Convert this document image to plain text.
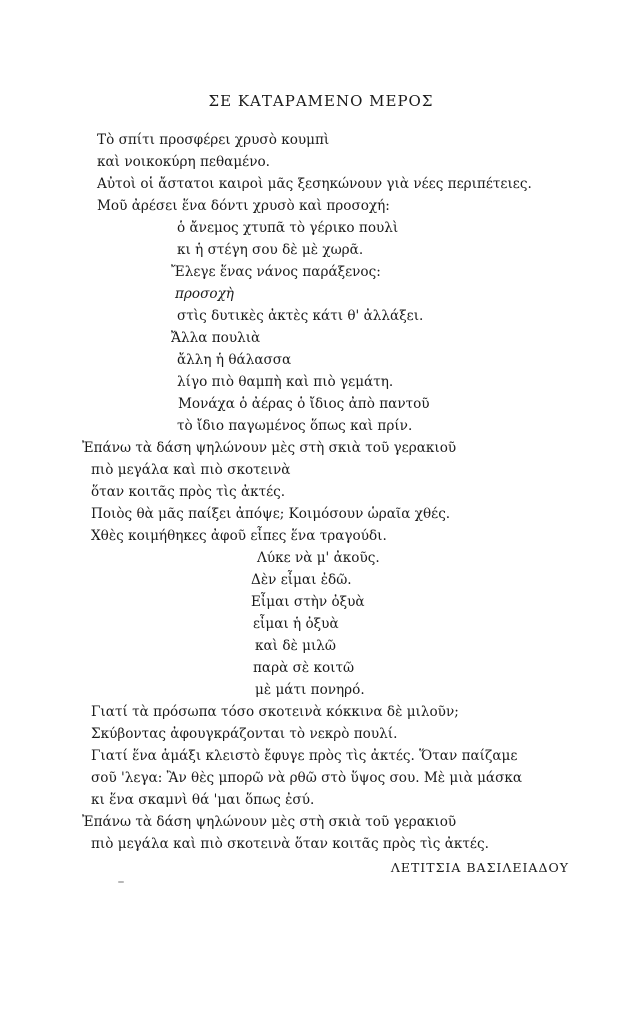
ΣΕ ΚΑΤΑΡΑΜΕΝΟ ΜΕΡΟΣ
Τὸ σπίτι προσφέρει χρυσὸ κουμπὶ
καὶ νοικοκύρη πεθαμένο.
Αὐτοὶ οἱ ἄστατοι καιροὶ μᾶς ξεσηκώνουν γιὰ νέες περιπέτειες.
Μοῦ ἀρέσει ἕνα δόντι χρυσὸ καὶ προσοχή:
ὁ ἄνεμος χτυπᾶ τὸ γέρικο πουλὶ
κι ἡ στέγη σου δὲ μὲ χωρᾶ.
Ἔλεγε ἕνας νάνος παράξενος:
προσοχὴ
στὶς δυτικὲς ἀκτὲς κάτι θ' ἀλλάξει.
Ἄλλα πουλιὰ
ἄλλη ἡ θάλασσα
λίγο πιὸ θαμπὴ καὶ πιὸ γεμάτη.
Μονάχα ὁ ἀέρας ὁ ἴδιος ἀπὸ παντοῦ
τὸ ἴδιο παγωμένος ὅπως καὶ πρίν.
Ἐπάνω τὰ δάση ψηλώνουν μὲς στὴ σκιὰ τοῦ γερακιοῦ
πιὸ μεγάλα καὶ πιὸ σκοτεινὰ
ὅταν κοιτᾶς πρὸς τὶς ἀκτές.
Ποιὸς θὰ μᾶς παίξει ἀπόψε; Κοιμόσουν ὡραῖα χθές.
Χθὲς κοιμήθηκες ἀφοῦ εἶπες ἕνα τραγούδι.
Λύκε νὰ μ' ἀκοῦς.
Δὲν εἶμαι ἐδῶ.
Εἶμαι στὴν ὀξυὰ
εἶμαι ἡ ὀξυὰ
καὶ δὲ μιλῶ
παρὰ σὲ κοιτῶ
μὲ μάτι πονηρό.
Γιατί τὰ πρόσωπα τόσο σκοτεινὰ κόκκινα δὲ μιλοῦν;
Σκύβοντας ἀφουγκράζονται τὸ νεκρὸ πουλί.
Γιατί ἕνα ἁμάξι κλειστὸ ἔφυγε πρὸς τὶς ἀκτές. Ὅταν παίζαμε
σοῦ 'λεγα: Ἂν θὲς μπορῶ νὰ ρθῶ στὸ ὕψος σου. Μὲ μιὰ μάσκα
κι ἕνα σκαμνὶ θά 'μαι ὅπως ἐσύ.
Ἐπάνω τὰ δάση ψηλώνουν μὲς στὴ σκιὰ τοῦ γερακιοῦ
πιὸ μεγάλα καὶ πιὸ σκοτεινὰ ὅταν κοιτᾶς πρὸς τὶς ἀκτές.
ΛΕΤΙΤΣΙΑ ΒΑΣΙΛΕΙΑΔΟΥ
